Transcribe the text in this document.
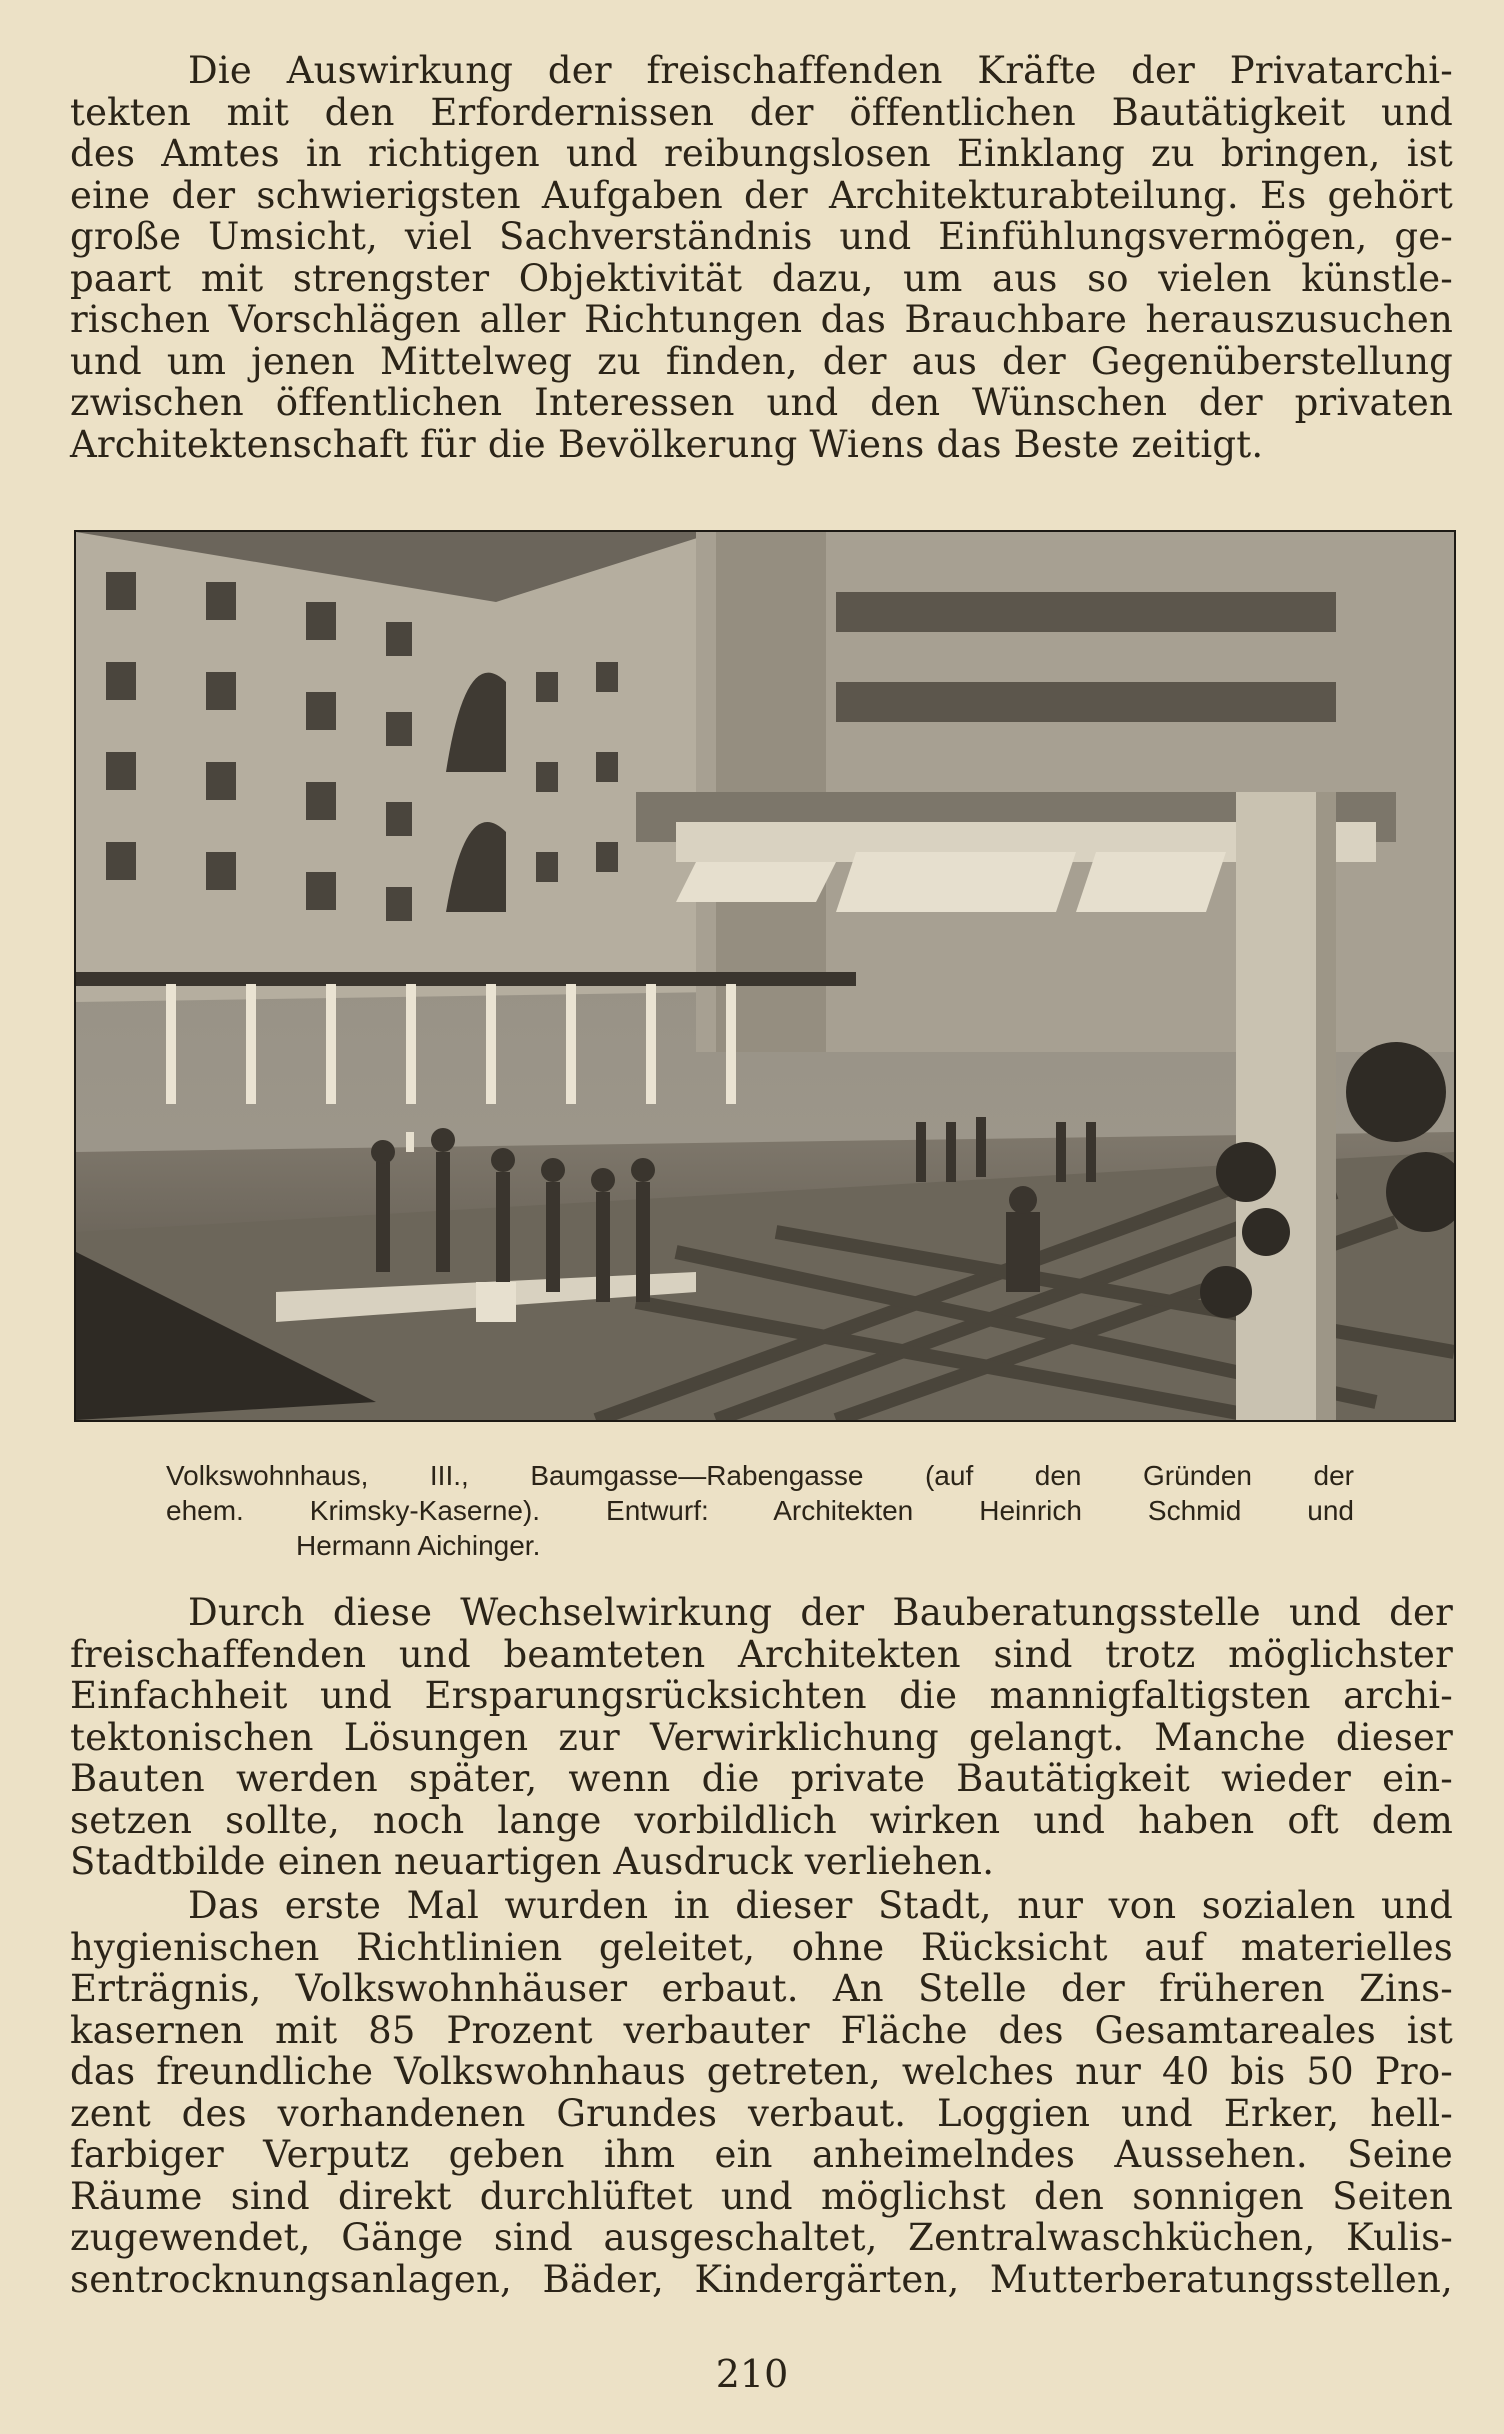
Die Auswirkung der freischaffenden Kräfte der Privatarchi-
tekten mit den Erfordernissen der öffentlichen Bautätigkeit und
des Amtes in richtigen und reibungslosen Einklang zu bringen, ist
eine der schwierigsten Aufgaben der Architekturabteilung. Es gehört
große Umsicht, viel Sachverständnis und Einfühlungsvermögen, ge-
paart mit strengster Objektivität dazu, um aus so vielen künstle-
rischen Vorschlägen aller Richtungen das Brauchbare herauszusuchen
und um jenen Mittelweg zu finden, der aus der Gegenüberstellung
zwischen öffentlichen Interessen und den Wünschen der privaten
Architektenschaft für die Bevölkerung Wiens das Beste zeitigt.
Volkswohnhaus, III., Baumgasse—Rabengasse (auf den Gründen der
ehem. Krimsky-Kaserne). Entwurf: Architekten Heinrich Schmid und
Hermann Aichinger.
Durch diese Wechselwirkung der Bauberatungsstelle und der
freischaffenden und beamteten Architekten sind trotz möglichster
Einfachheit und Ersparungsrücksichten die mannigfaltigsten archi-
tektonischen Lösungen zur Verwirklichung gelangt. Manche dieser
Bauten werden später, wenn die private Bautätigkeit wieder ein-
setzen sollte, noch lange vorbildlich wirken und haben oft dem
Stadtbilde einen neuartigen Ausdruck verliehen.
Das erste Mal wurden in dieser Stadt, nur von sozialen und
hygienischen Richtlinien geleitet, ohne Rücksicht auf materielles
Erträgnis, Volkswohnhäuser erbaut. An Stelle der früheren Zins-
kasernen mit 85 Prozent verbauter Fläche des Gesamtareales ist
das freundliche Volkswohnhaus getreten, welches nur 40 bis 50 Pro-
zent des vorhandenen Grundes verbaut. Loggien und Erker, hell-
farbiger Verputz geben ihm ein anheimelndes Aussehen. Seine
Räume sind direkt durchlüftet und möglichst den sonnigen Seiten
zugewendet, Gänge sind ausgeschaltet, Zentralwaschküchen, Kulis-
sentrocknungsanlagen, Bäder, Kindergärten, Mutterberatungsstellen,
210
